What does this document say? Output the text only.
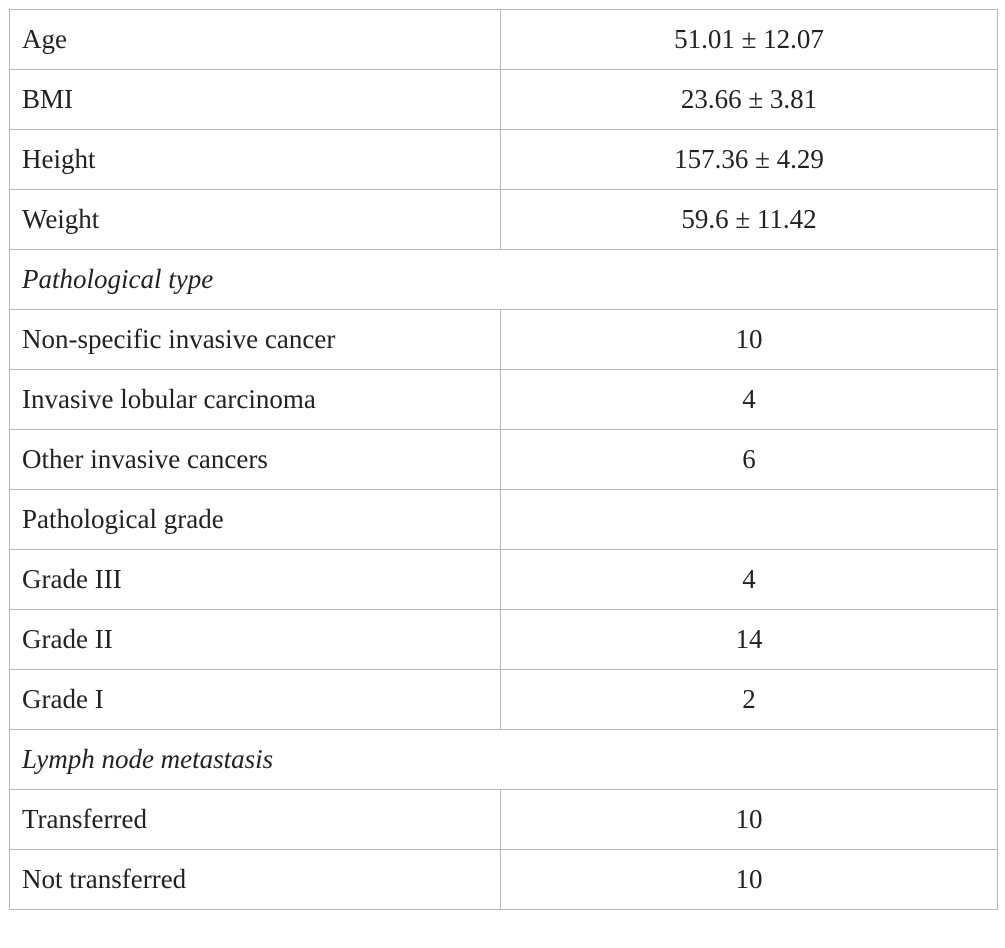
Age	51.01 ± 12.07
BMI	23.66 ± 3.81
Height	157.36 ± 4.29
Weight	59.6 ± 11.42
Pathological type	
Non-specific invasive cancer	10
Invasive lobular carcinoma	4
Other invasive cancers	6
Pathological grade	
Grade III	4
Grade II	14
Grade I	2
Lymph node metastasis	
Transferred	10
Not transferred	10
